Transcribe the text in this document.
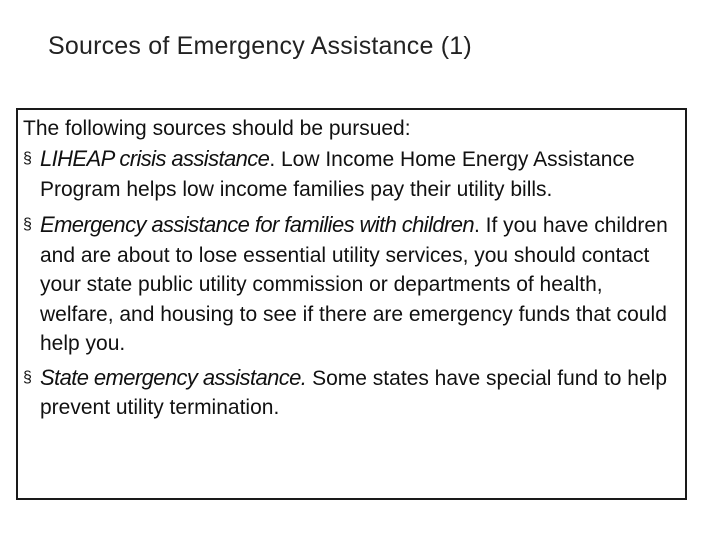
Sources of Emergency Assistance (1)

The following sources should be pursued:

§ LIHEAP crisis assistance. Low Income Home Energy Assistance Program helps low income families pay their utility bills.

§ Emergency assistance for families with children. If you have children and are about to lose essential utility services, you should contact your state public utility commission or departments of health, welfare, and housing to see if there are emergency funds that could help you.

§ State emergency assistance. Some states have special fund to help prevent utility termination.
